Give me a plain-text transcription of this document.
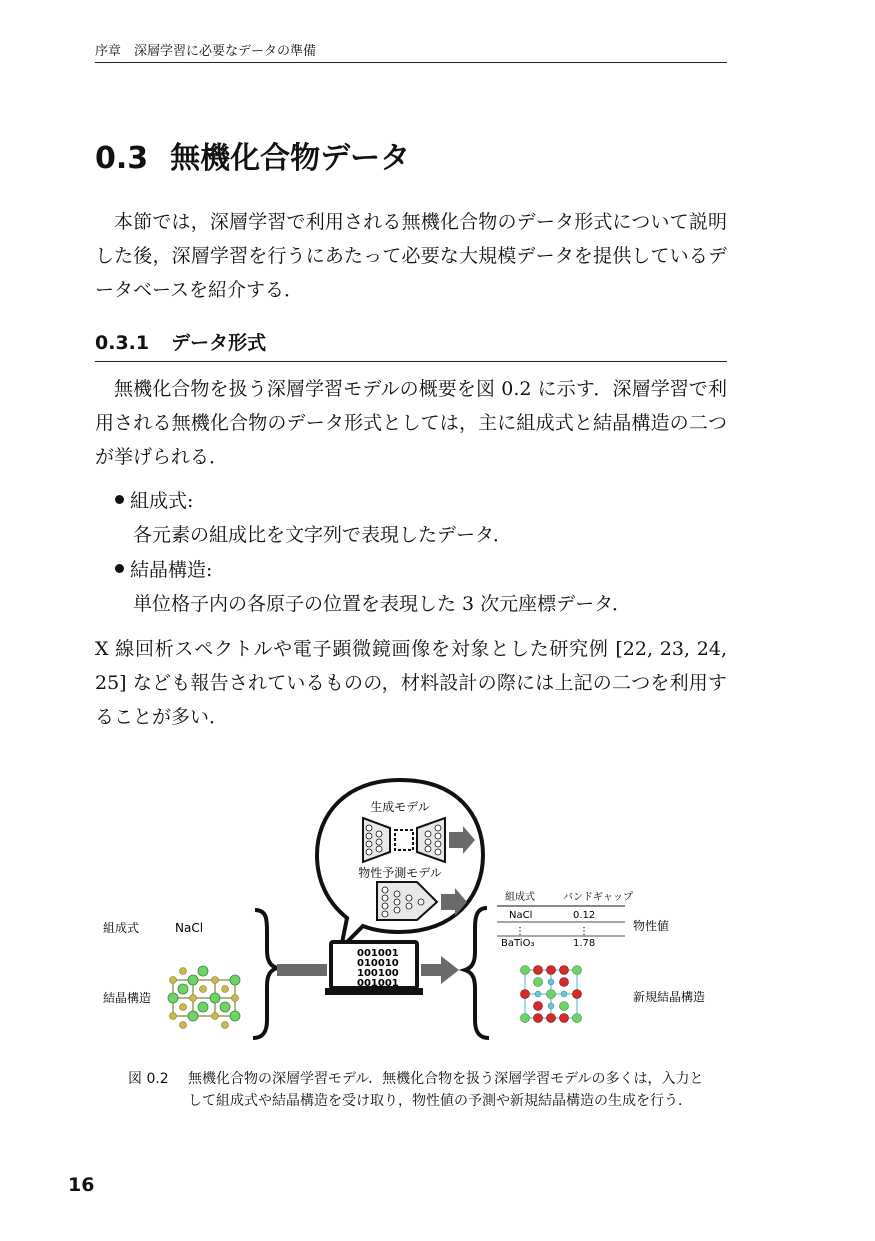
序章　深層学習に必要なデータの準備
0.3 無機化合物データ

本節では，深層学習で利用される無機化合物のデータ形式について説明した後，深層学習を行うにあたって必要な大規模データを提供しているデータベースを紹介する．

0.3.1 データ形式

無機化合物を扱う深層学習モデルの概要を図 0.2 に示す．深層学習で利用される無機化合物のデータ形式としては，主に組成式と結晶構造の二つが挙げられる．

組成式:
各元素の組成比を文字列で表現したデータ．
結晶構造:
単位格子内の各原子の位置を表現した 3 次元座標データ．

X 線回析スペクトルや電子顕微鏡画像を対象とした研究例 [22, 23, 24, 25] なども報告されているものの，材料設計の際には上記の二つを利用することが多い．

生成モデル
物性予測モデル
組成式	NaCl
結晶構造
001001
010010
100100
001001
組成式	バンドギャップ
NaCl	0.12
⋮	⋮
BaTiO₃	1.78
物性値
新規結晶構造
図 0.2 無機化合物の深層学習モデル．無機化合物を扱う深層学習モデルの多くは，入力として組成式や結晶構造を受け取り，物性値の予測や新規結晶構造の生成を行う．
16
